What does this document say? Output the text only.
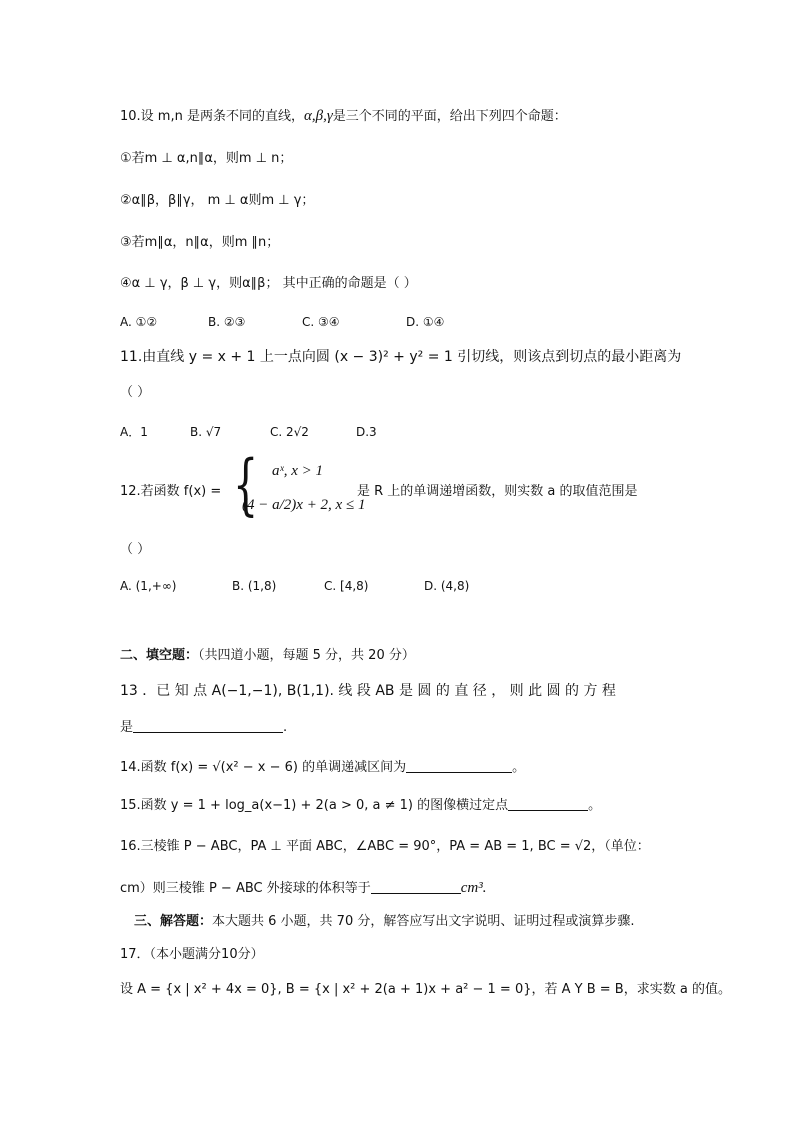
10.设 m,n 是两条不同的直线，α,β,γ是三个不同的平面，给出下列四个命题：
①若m ⊥ α,n∥α，则m ⊥ n；
②α∥β，β∥γ， m ⊥ α则m ⊥ γ；
③若m∥α，n∥α，则m ∥n；
④α ⊥ γ，β ⊥ γ，则α∥β； 其中正确的命题是（ ）
A. ①②	B. ②③	C. ③④	D. ①④
11.由直线 y = x + 1 上一点向圆 (x − 3)² + y² = 1 引切线，则该点到切点的最小距离为
（ ）
A．1	B. √7	C. 2√2	D.3
12.若函数 f(x) = { aˣ, x > 1
(4 − a/2)x + 2, x ≤ 1
是 R 上的单调递增函数，则实数 a 的取值范围是
（ ）
A. (1,+∞)	B. (1,8)	C. [4,8)	D. (4,8)
二、填空题：（共四道小题，每题 5 分，共 20 分）
13 ．已 知 点 A(−1,−1), B(1,1). 线 段 AB 是 圆 的 直 径 ， 则 此 圆 的 方 程
是	.
14.函数 f(x) = √(x² − x − 6) 的单调递减区间为	。
15.函数 y = 1 + log_a(x−1) + 2(a > 0, a ≠ 1) 的图像横过定点	。
16.三棱锥 P − ABC，PA ⊥ 平面 ABC，∠ABC = 90°，PA = AB = 1, BC = √2，（单位：
cm）则三棱锥 P − ABC 外接球的体积等于	cm³.
三、解答题：本大题共 6 小题，共 70 分，解答应写出文字说明、证明过程或演算步骤.
17．（本小题满分10分）
设 A = {x | x² + 4x = 0}, B = {x | x² + 2(a + 1)x + a² − 1 = 0}，若 A Y B = B，求实数 a 的值。
